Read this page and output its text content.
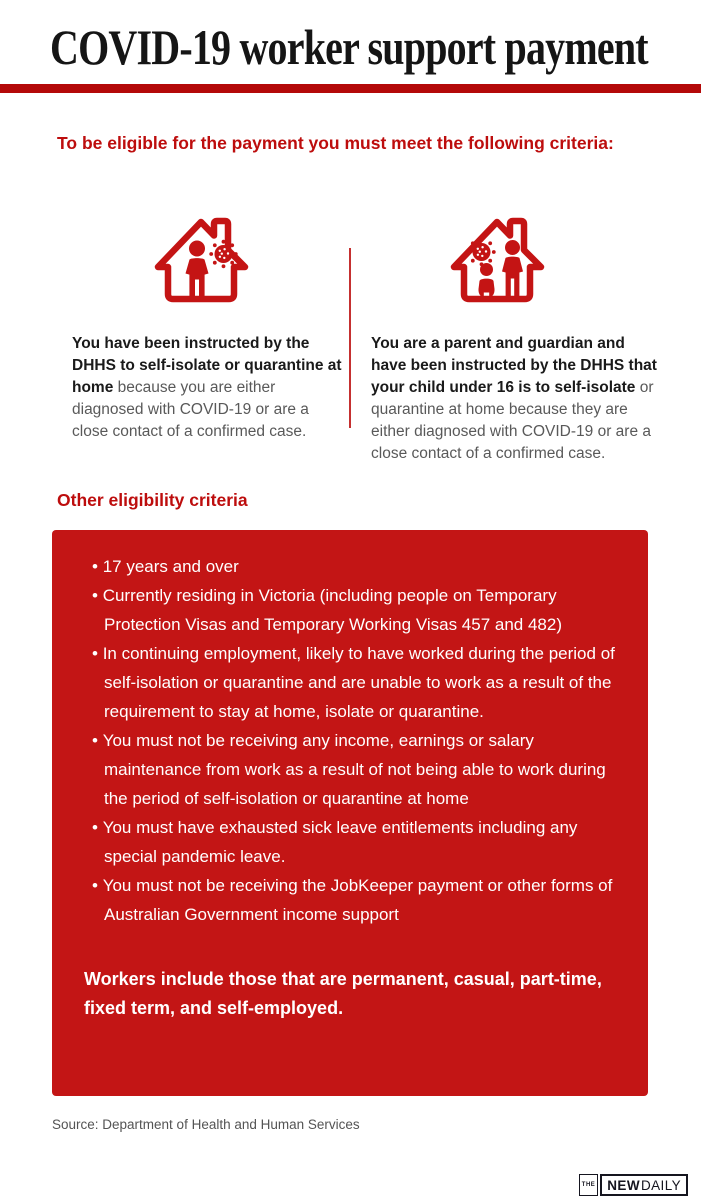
COVID-19 worker support payment
To be eligible for the payment you must meet the following criteria:

You have been instructed by the DHHS to self-isolate or quarantine at home because you are either diagnosed with COVID-19 or are a close contact of a confirmed case.

You are a parent and guardian and have been instructed by the DHHS that your child under 16 is to self-isolate or quarantine at home because they are either diagnosed with COVID-19 or are a close contact of a confirmed case.

Other eligibility criteria
• 17 years and over
• Currently residing in Victoria (including people on Temporary Protection Visas and Temporary Working Visas 457 and 482)
• In continuing employment, likely to have worked during the period of self-isolation or quarantine and are unable to work as a result of the requirement to stay at home, isolate or quarantine.
• You must not be receiving any income, earnings or salary maintenance from work as a result of not being able to work during the period of self-isolation or quarantine at home
• You must have exhausted sick leave entitlements including any special pandemic leave.
• You must not be receiving the JobKeeper payment or other forms of Australian Government income support

Workers include those that are permanent, casual, part-time, fixed term, and self-employed.

Source: Department of Health and Human Services

THE NEW DAILY
